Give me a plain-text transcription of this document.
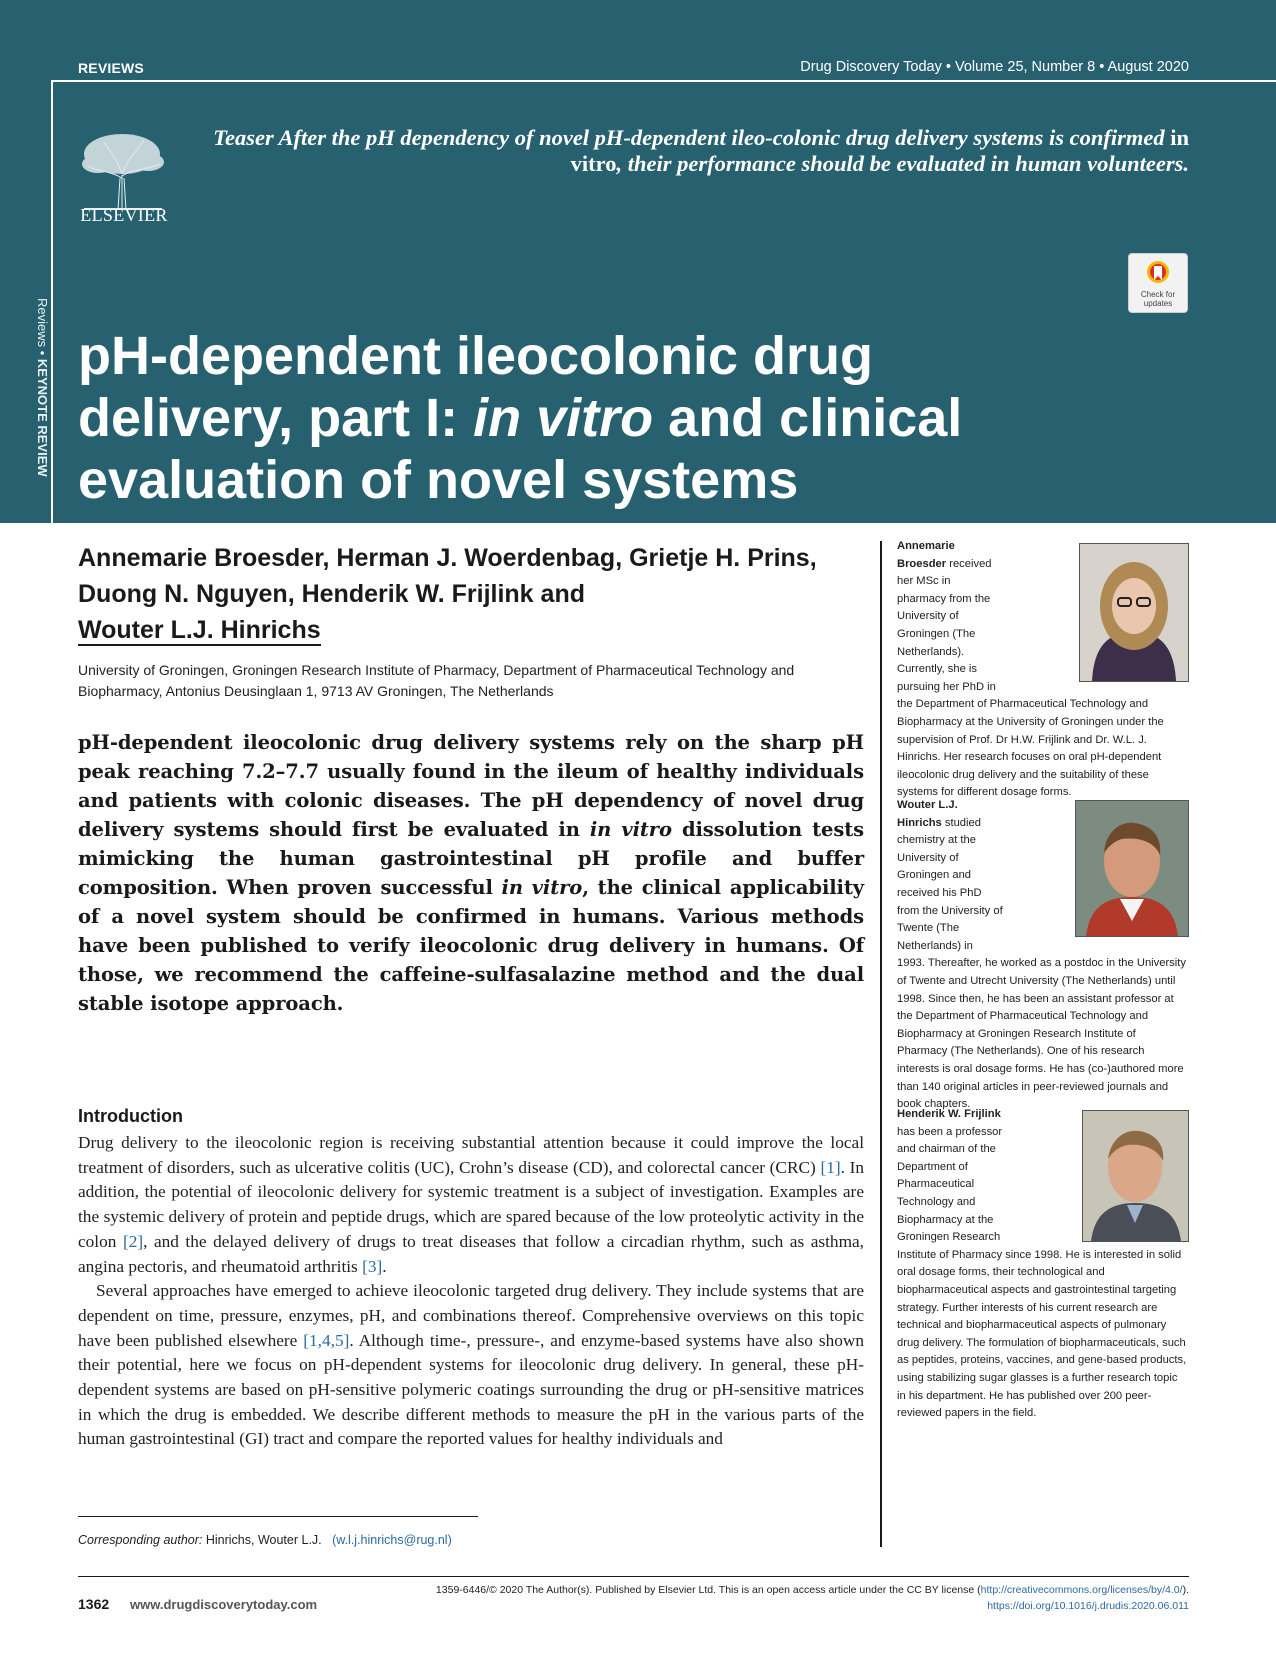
REVIEWS	Drug Discovery Today • Volume 25, Number 8 • August 2020
ELSEVIER
Teaser After the pH dependency of novel pH-dependent ileo-colonic drug delivery systems is confirmed in vitro, their performance should be evaluated in human volunteers.
Check for updates
pH-dependent ileocolonic drug delivery, part I: in vitro and clinical evaluation of novel systems
Reviews • KEYNOTE REVIEW
Annemarie Broesder, Herman J. Woerdenbag, Grietje H. Prins, Duong N. Nguyen, Henderik W. Frijlink and
Wouter L.J. Hinrichs
University of Groningen, Groningen Research Institute of Pharmacy, Department of Pharmaceutical Technology and Biopharmacy, Antonius Deusinglaan 1, 9713 AV Groningen, The Netherlands
pH-dependent ileocolonic drug delivery systems rely on the sharp pH peak reaching 7.2–7.7 usually found in the ileum of healthy individuals and patients with colonic diseases. The pH dependency of novel drug delivery systems should first be evaluated in in vitro dissolution tests mimicking the human gastrointestinal pH profile and buffer composition. When proven successful in vitro, the clinical applicability of a novel system should be confirmed in humans. Various methods have been published to verify ileocolonic drug delivery in humans. Of those, we recommend the caffeine-sulfasalazine method and the dual stable isotope approach.
Introduction

Drug delivery to the ileocolonic region is receiving substantial attention because it could improve the local treatment of disorders, such as ulcerative colitis (UC), Crohn’s disease (CD), and colorectal cancer (CRC) [1]. In addition, the potential of ileocolonic delivery for systemic treatment is a subject of investigation. Examples are the systemic delivery of protein and peptide drugs, which are spared because of the low proteolytic activity in the colon [2], and the delayed delivery of drugs to treat diseases that follow a circadian rhythm, such as asthma, angina pectoris, and rheumatoid arthritis [3].

Several approaches have emerged to achieve ileocolonic targeted drug delivery. They include systems that are dependent on time, pressure, enzymes, pH, and combinations thereof. Comprehensive overviews on this topic have been published elsewhere [1,4,5]. Although time-, pressure-, and enzyme-based systems have also shown their potential, here we focus on pH-dependent systems for ileocolonic drug delivery. In general, these pH-dependent systems are based on pH-sensitive polymeric coatings surrounding the drug or pH-sensitive matrices in which the drug is embedded. We describe different methods to measure the pH in the various parts of the human gastrointestinal (GI) tract and compare the reported values for healthy individuals and

Corresponding author: Hinrichs, Wouter L.J. (w.l.j.hinrichs@rug.nl)
Annemarie Broesder received her MSc in pharmacy from the University of Groningen (The Netherlands). Currently, she is pursuing her PhD in the Department of Pharmaceutical Technology and Biopharmacy at the University of Groningen under the supervision of Prof. Dr H.W. Frijlink and Dr. W.L. J. Hinrichs. Her research focuses on oral pH-dependent ileocolonic drug delivery and the suitability of these systems for different dosage forms.
Wouter L.J. Hinrichs studied chemistry at the University of Groningen and received his PhD from the University of Twente (The Netherlands) in 1993. Thereafter, he worked as a postdoc in the University of Twente and Utrecht University (The Netherlands) until 1998. Since then, he has been an assistant professor at the Department of Pharmaceutical Technology and Biopharmacy at Groningen Research Institute of Pharmacy (The Netherlands). One of his research interests is oral dosage forms. He has (co-)authored more than 140 original articles in peer-reviewed journals and book chapters.
Henderik W. Frijlink has been a professor and chairman of the Department of Pharmaceutical Technology and Biopharmacy at the Groningen Research Institute of Pharmacy since 1998. He is interested in solid oral dosage forms, their technological and biopharmaceutical aspects and gastrointestinal targeting strategy. Further interests of his current research are technical and biopharmaceutical aspects of pulmonary drug delivery. The formulation of biopharmaceuticals, such as peptides, proteins, vaccines, and gene-based products, using stabilizing sugar glasses is a further research topic in his department. He has published over 200 peer-reviewed papers in the field.
1359-6446/© 2020 The Author(s). Published by Elsevier Ltd. This is an open access article under the CC BY license (http://creativecommons.org/licenses/by/4.0/).
https://doi.org/10.1016/j.drudis.2020.06.011
1362 www.drugdiscoverytoday.com
